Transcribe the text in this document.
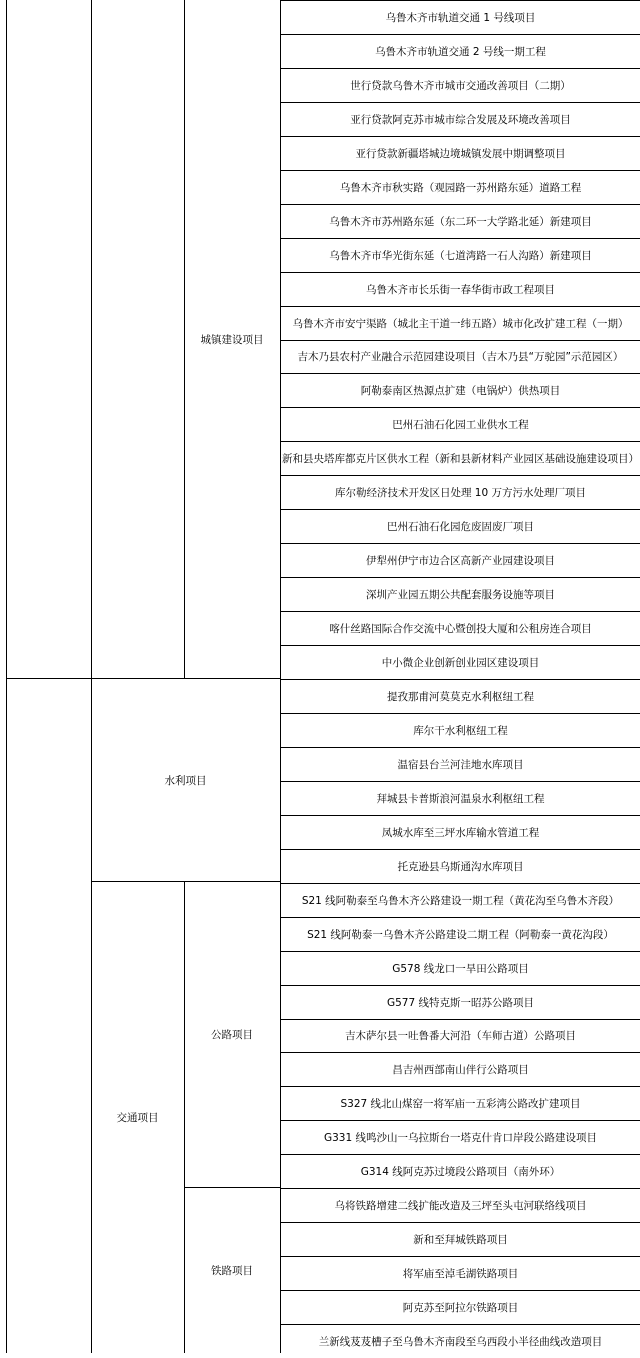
城镇建设项目
水利项目
交通项目
公路项目
铁路项目
乌鲁木齐市轨道交通 1 号线项目
乌鲁木齐市轨道交通 2 号线一期工程
世行贷款乌鲁木齐市城市交通改善项目（二期）
亚行贷款阿克苏市城市综合发展及环境改善项目
亚行贷款新疆塔城边境城镇发展中期调整项目
乌鲁木齐市秋实路（观园路一苏州路东延）道路工程
乌鲁木齐市苏州路东延（东二环一大学路北延）新建项目
乌鲁木齐市华光街东延（七道湾路一石人沟路）新建项目
乌鲁木齐市长乐街一春华街市政工程项目
乌鲁木齐市安宁渠路（城北主干道一纬五路）城市化改扩建工程（一期）
吉木乃县农村产业融合示范园建设项目（吉木乃县“万驼园”示范园区）
阿勒泰南区热源点扩建（电锅炉）供热项目
巴州石油石化园工业供水工程
新和县央塔库都克片区供水工程（新和县新材料产业园区基础设施建设项目）
库尔勒经济技术开发区日处理 10 万方污水处理厂项目
巴州石油石化园危废固废厂项目
伊犁州伊宁市边合区高新产业园建设项目
深圳产业园五期公共配套服务设施等项目
喀什丝路国际合作交流中心暨创投大厦和公租房连合项目
中小微企业创新创业园区建设项目
提孜那甫河莫莫克水利枢纽工程
库尔干水利枢纽工程
温宿县台兰河洼地水库项目
拜城县卡普斯浪河温泉水利枢纽工程
凤城水库至三坪水库输水管道工程
托克逊县乌斯通沟水库项目
S21 线阿勒泰至乌鲁木齐公路建设一期工程（黄花沟至乌鲁木齐段）
S21 线阿勒泰一乌鲁木齐公路建设二期工程（阿勒泰一黄花沟段）
G578 线龙口一旱田公路项目
G577 线特克斯一昭苏公路项目
吉木萨尔县一吐鲁番大河沿（车师古道）公路项目
昌吉州西部南山伴行公路项目
S327 线北山煤窑一将军庙一五彩湾公路改扩建项目
G331 线鸣沙山一乌拉斯台一塔克什肯口岸段公路建设项目
G314 线阿克苏过境段公路项目（南外环）
乌将铁路增建二线扩能改造及三坪至头屯河联络线项目
新和至拜城铁路项目
将军庙至淖毛湖铁路项目
阿克苏至阿拉尔铁路项目
兰新线芨芨槽子至乌鲁木齐南段至乌西段小半径曲线改造项目
